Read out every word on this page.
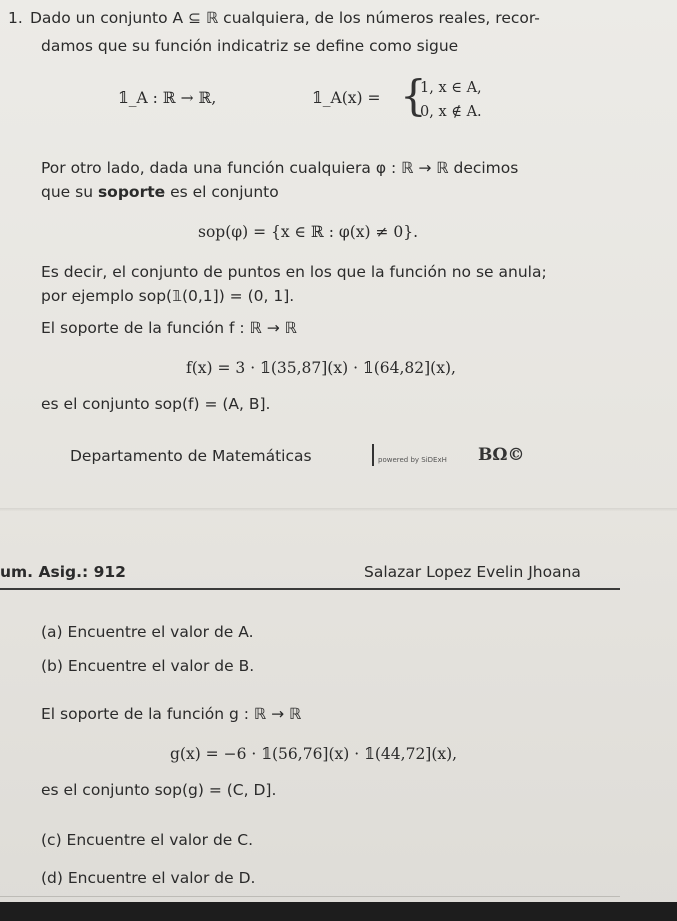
1. Dado un conjunto A ⊆ ℝ cualquiera, de los números reales, recor-
damos que su función indicatriz se define como sigue
𝟙_A : ℝ → ℝ,	𝟙_A(x) = {
1, x ∈ A,
0, x ∉ A.
Por otro lado, dada una función cualquiera φ : ℝ → ℝ decimos
que su soporte es el conjunto
sop(φ) = {x ∈ ℝ : φ(x) ≠ 0}.
Es decir, el conjunto de puntos en los que la función no se anula;
por ejemplo sop(𝟙(0,1]) = (0, 1].
El soporte de la función f : ℝ → ℝ
f(x) = 3 · 𝟙(35,87](x) · 𝟙(64,82](x),
es el conjunto sop(f) = (A, B].
Departamento de Matemáticas	powered by SiDExH ΒΩ©
um. Asig.: 912	Salazar Lopez Evelin Jhoana
(a) Encuentre el valor de A.
(b) Encuentre el valor de B.
El soporte de la función g : ℝ → ℝ
g(x) = −6 · 𝟙(56,76](x) · 𝟙(44,72](x),
es el conjunto sop(g) = (C, D].
(c) Encuentre el valor de C.
(d) Encuentre el valor de D.
